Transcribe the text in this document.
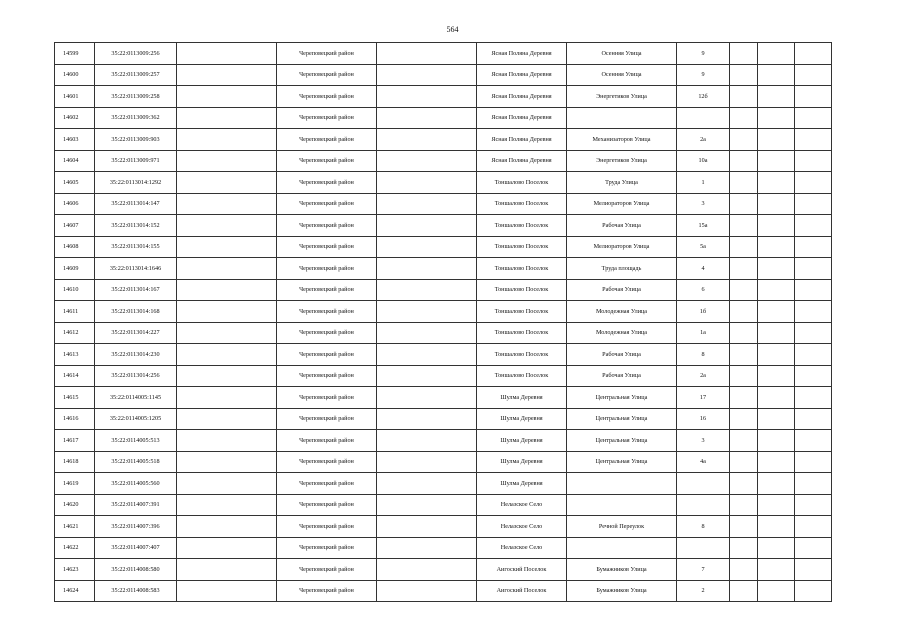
564
14599	35:22:0113009:256		Череповецкий район		Ясная Поляна Деревня	Осенняя Улица	9			
14600	35:22:0113009:257		Череповецкий район		Ясная Поляна Деревня	Осенняя Улица	9			
14601	35:22:0113009:258		Череповецкий район		Ясная Поляна Деревня	Энергетиков Улица	12б			
14602	35:22:0113009:362		Череповецкий район		Ясная Поляна Деревня					
14603	35:22:0113009:903		Череповецкий район		Ясная Поляна Деревня	Механизаторов Улица	2а			
14604	35:22:0113009:971		Череповецкий район		Ясная Поляна Деревня	Энергетиков Улица	10а			
14605	35:22:0113014:1292		Череповецкий район		Тоншалово Поселок	Труда Улица	1			
14606	35:22:0113014:147		Череповецкий район		Тоншалово Поселок	Мелиораторов Улица	3			
14607	35:22:0113014:152		Череповецкий район		Тоншалово Поселок	Рабочая Улица	15а			
14608	35:22:0113014:155		Череповецкий район		Тоншалово Поселок	Мелиораторов Улица	5а			
14609	35:22:0113014:1646		Череповецкий район		Тоншалово Поселок	Труда площадь	4			
14610	35:22:0113014:167		Череповецкий район		Тоншалово Поселок	Рабочая Улица	6			
14611	35:22:0113014:168		Череповецкий район		Тоншалово Поселок	Молодежная Улица	1б			
14612	35:22:0113014:227		Череповецкий район		Тоншалово Поселок	Молодежная Улица	1а			
14613	35:22:0113014:230		Череповецкий район		Тоншалово Поселок	Рабочая Улица	8			
14614	35:22:0113014:256		Череповецкий район		Тоншалово Поселок	Рабочая Улица	2а			
14615	35:22:0114005:1145		Череповецкий район		Шулма Деревня	Центральная Улица	17			
14616	35:22:0114005:1205		Череповецкий район		Шулма Деревня	Центральная Улица	16			
14617	35:22:0114005:513		Череповецкий район		Шулма Деревня	Центральная Улица	3			
14618	35:22:0114005:518		Череповецкий район		Шулма Деревня	Центральная Улица	4а			
14619	35:22:0114005:560		Череповецкий район		Шулма Деревня					
14620	35:22:0114007:391		Череповецкий район		Нелазское Село					
14621	35:22:0114007:396		Череповецкий район		Нелазское Село	Речной Переулок	8			
14622	35:22:0114007:407		Череповецкий район		Нелазское Село					
14623	35:22:0114008:580		Череповецкий район		Аигоский Поселок	Бумажников Улица	7			
14624	35:22:0114008:583		Череповецкий район		Аигоский Поселок	Бумажников Улица	2			
